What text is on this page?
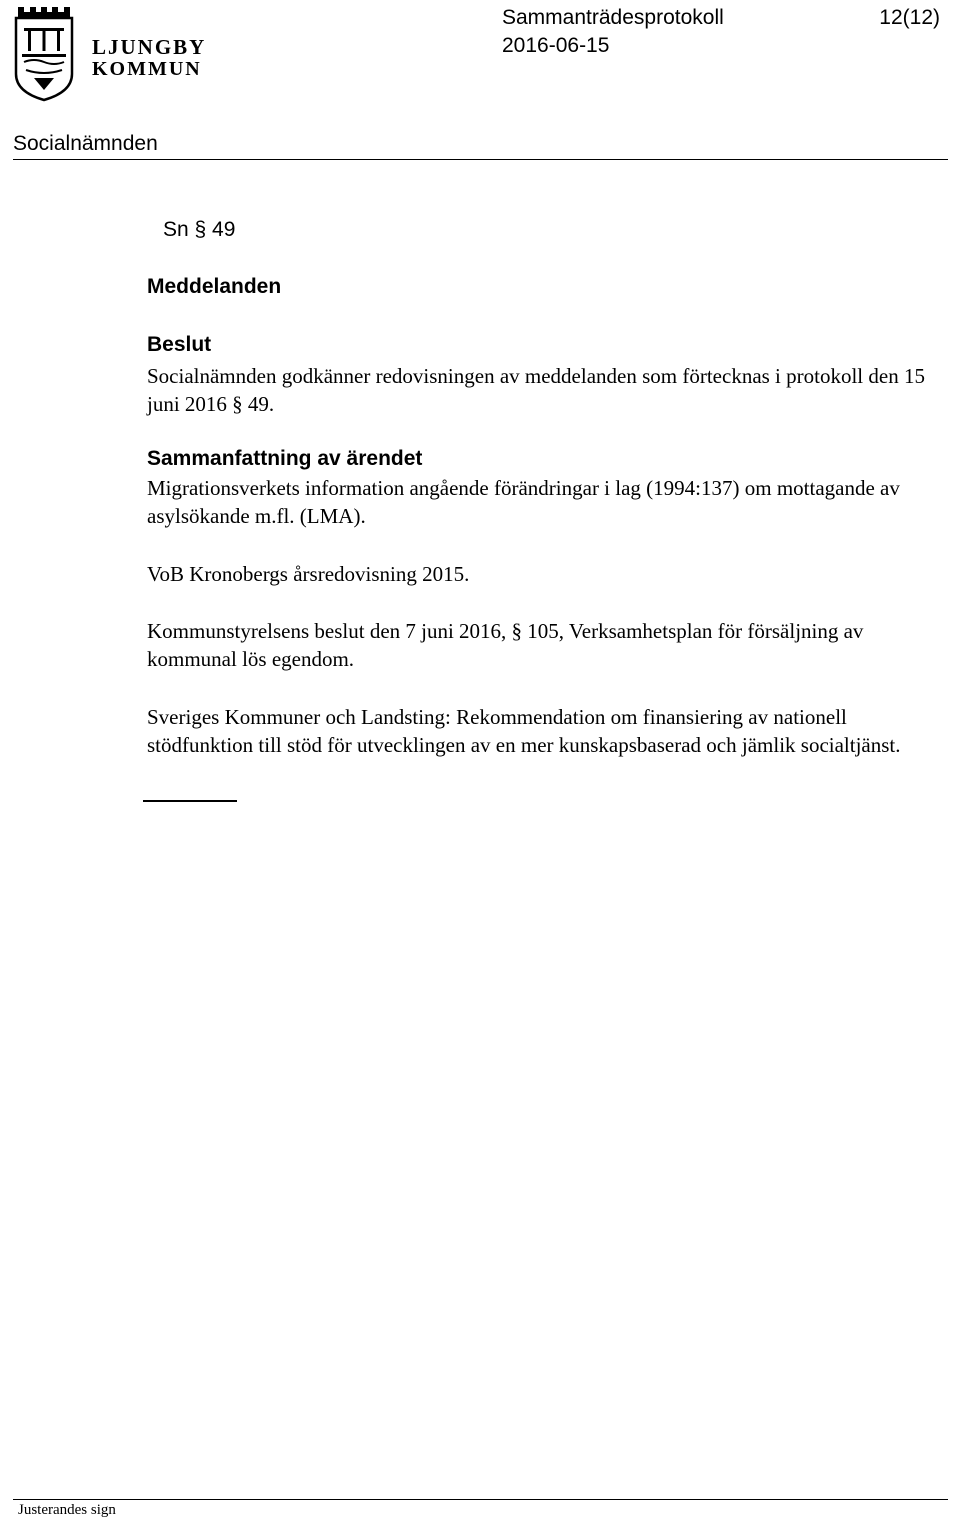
LJUNGBY
KOMMUN
Sammanträdesprotokoll	12(12)
2016-06-15
Socialnämnden
Sn § 49
Meddelanden
Beslut
Socialnämnden godkänner redovisningen av meddelanden som förtecknas i protokoll den 15 juni 2016 § 49.
Sammanfattning av ärendet
Migrationsverkets information angående förändringar i lag (1994:137) om mottagande av asylsökande m.fl. (LMA).
VoB Kronobergs årsredovisning 2015.
Kommunstyrelsens beslut den 7 juni 2016, § 105, Verksamhetsplan för försäljning av kommunal lös egendom.
Sveriges Kommuner och Landsting: Rekommendation om finansiering av nationell stödfunktion till stöd för utvecklingen av en mer kunskapsbaserad och jämlik socialtjänst.
Justerandes sign
